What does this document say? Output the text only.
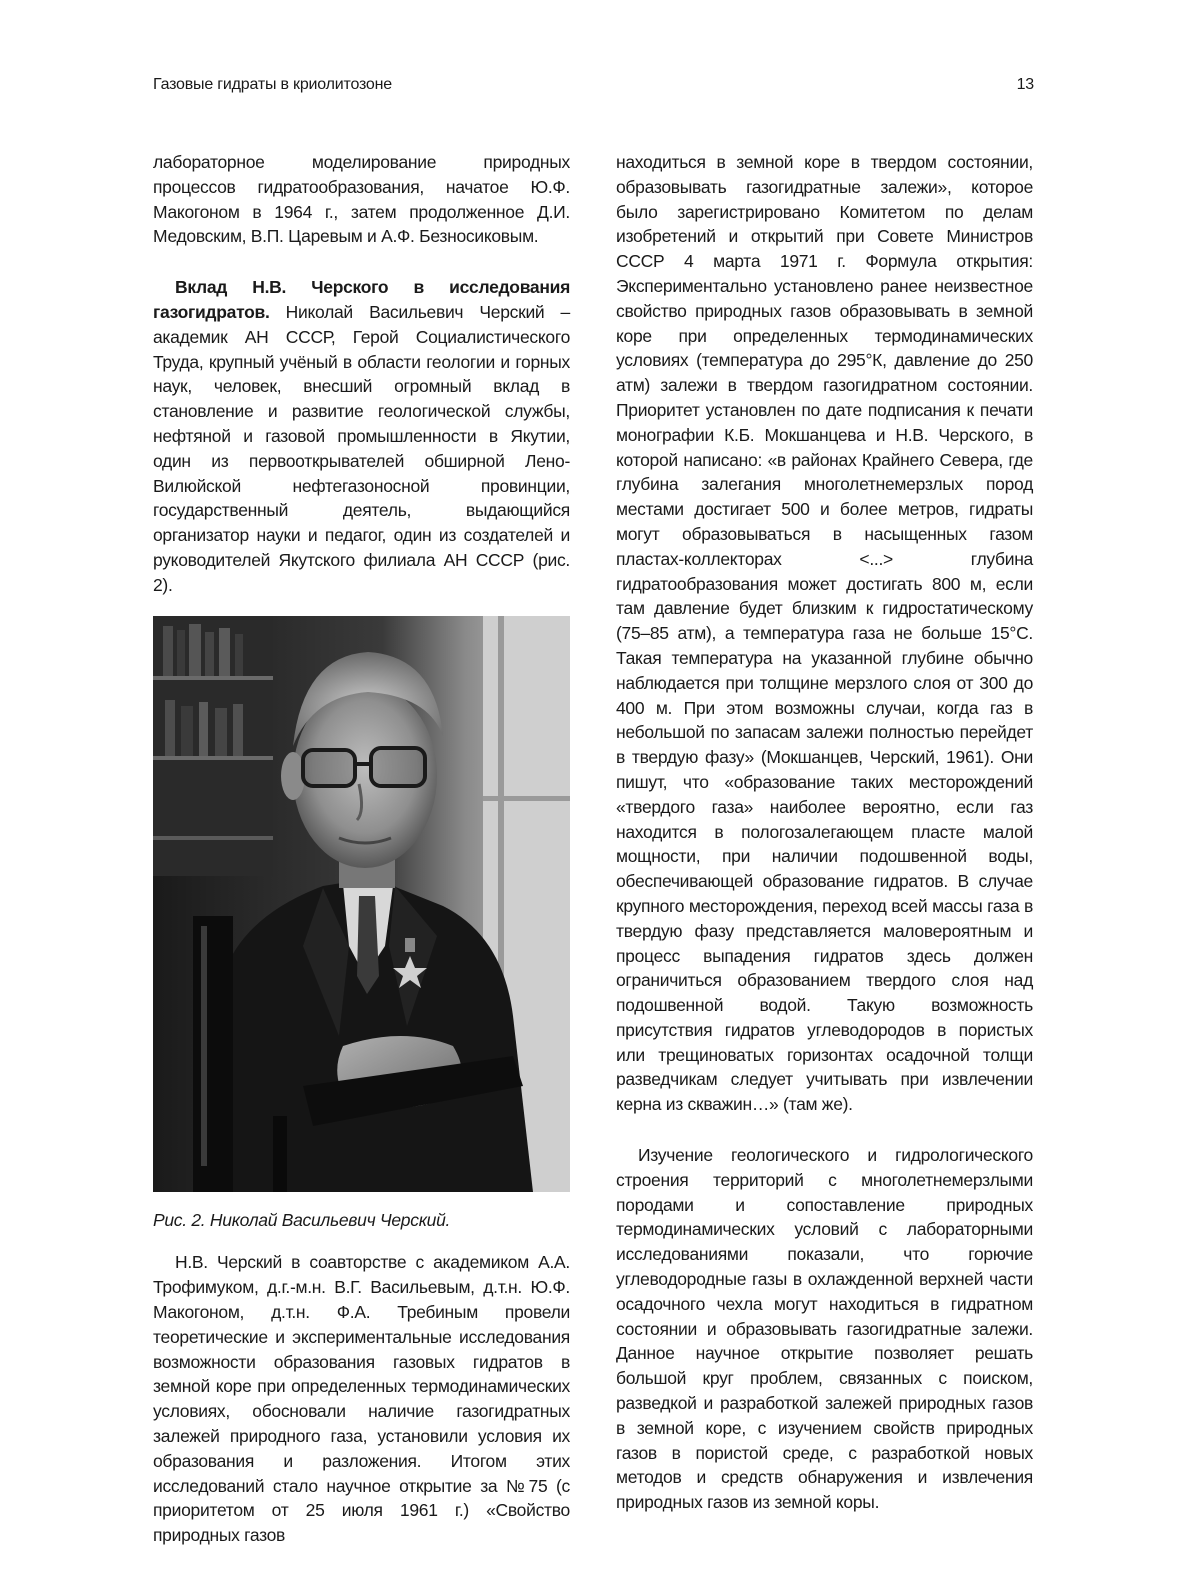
Газовые гидраты в криолитозоне	13

лабораторное моделирование природных процессов гидратообразования, начатое Ю.Ф. Макогоном в 1964 г., затем продолженное Д.И. Медовским, В.П. Царевым и А.Ф. Безносиковым.

Вклад Н.В. Черского в исследования газогидратов. Николай Васильевич Черский – академик АН СССР, Герой Социалистического Труда, крупный учёный в области геологии и горных наук, человек, внесший огромный вклад в становление и развитие геологической службы, нефтяной и газовой промышленности в Якутии, один из первооткрывателей обширной Лено-Вилюйской нефтегазоносной провинции, государственный деятель, выдающийся организатор науки и педагог, один из создателей и руководителей Якутского филиала АН СССР (рис. 2).

Рис. 2. Николай Васильевич Черский.

Н.В. Черский в соавторстве с академиком А.А. Трофимуком, д.г.-м.н. В.Г. Васильевым, д.т.н. Ю.Ф. Макогоном, д.т.н. Ф.А. Требиным провели теоретические и экспериментальные исследования возможности образования газовых гидратов в земной коре при определенных термодинамических условиях, обосновали наличие газогидратных залежей природного газа, установили условия их образования и разложения. Итогом этих исследований стало научное открытие за №75 (с приоритетом от 25 июля 1961 г.) «Свойство природных газов

находиться в земной коре в твердом состоянии, образовывать газогидратные залежи», которое было зарегистрировано Комитетом по делам изобретений и открытий при Совете Министров СССР 4 марта 1971 г. Формула открытия: Экспериментально установлено ранее неизвестное свойство природных газов образовывать в земной коре при определенных термодинамических условиях (температура до 295°К, давление до 250 атм) залежи в твердом газогидратном состоянии. Приоритет установлен по дате подписания к печати монографии К.Б. Мокшанцева и Н.В. Черского, в которой написано: «в районах Крайнего Севера, где глубина залегания многолетнемерзлых пород местами достигает 500 и более метров, гидраты могут образовываться в насыщенных газом пластах-коллекторах <...> глубина гидратообразования может достигать 800 м, если там давление будет близким к гидростатическому (75–85 атм), а температура газа не больше 15°С. Такая температура на указанной глубине обычно наблюдается при толщине мерзлого слоя от 300 до 400 м. При этом возможны случаи, когда газ в небольшой по запасам залежи полностью перейдет в твердую фазу» (Мокшанцев, Черский, 1961). Они пишут, что «образование таких месторождений «твердого газа» наиболее вероятно, если газ находится в пологозалегающем пласте малой мощности, при наличии подошвенной воды, обеспечивающей образование гидратов. В случае крупного месторождения, переход всей массы газа в твердую фазу представляется маловероятным и процесс выпадения гидратов здесь должен ограничиться образованием твердого слоя над подошвенной водой. Такую возможность присутствия гидратов углеводородов в пористых или трещиноватых горизонтах осадочной толщи разведчикам следует учитывать при извлечении керна из скважин…» (там же).

Изучение геологического и гидрологического строения территорий с многолетнемерзлыми породами и сопоставление природных термодинамических условий с лабораторными исследованиями показали, что горючие углеводородные газы в охлажденной верхней части осадочного чехла могут находиться в гидратном состоянии и образовывать газогидратные залежи. Данное научное открытие позволяет решать большой круг проблем, связанных с поиском, разведкой и разработкой залежей природных газов в земной коре, с изучением свойств природных газов в пористой среде, с разработкой новых методов и средств обнаружения и извлечения природных газов из земной коры.
